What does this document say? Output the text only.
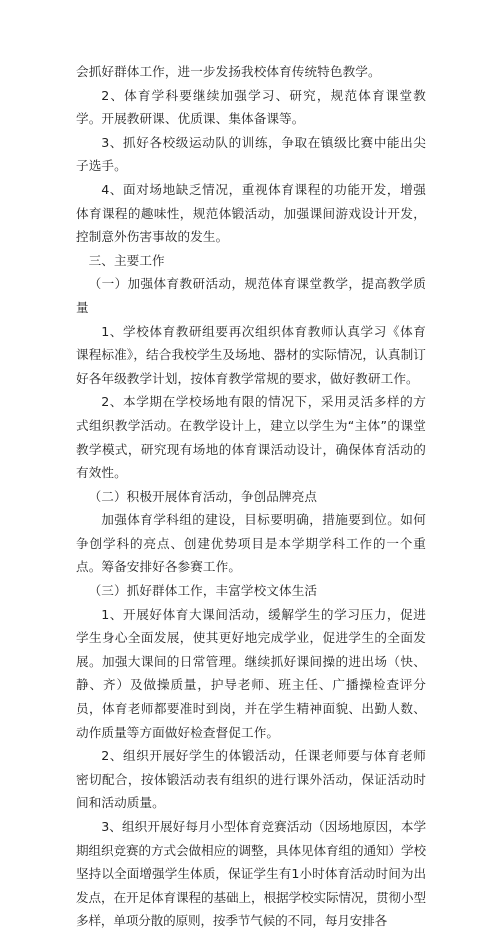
会抓好群体工作，进一步发扬我校体育传统特色教学。

2、体育学科要继续加强学习、研究，规范体育课堂教学。开展教研课、优质课、集体备课等。

3、抓好各校级运动队的训练，争取在镇级比赛中能出尖子选手。

4、面对场地缺乏情况，重视体育课程的功能开发，增强体育课程的趣味性，规范体锻活动，加强课间游戏设计开发，控制意外伤害事故的发生。

三、主要工作

（一）加强体育教研活动，规范体育课堂教学，提高教学质量

1、学校体育教研组要再次组织体育教师认真学习《体育课程标准》，结合我校学生及场地、器材的实际情况，认真制订好各年级教学计划，按体育教学常规的要求，做好教研工作。

2、本学期在学校场地有限的情况下，采用灵活多样的方式组织教学活动。在教学设计上，建立以学生为“主体”的课堂教学模式，研究现有场地的体育课活动设计，确保体育活动的有效性。

（二）积极开展体育活动，争创品牌亮点

加强体育学科组的建设，目标要明确，措施要到位。如何争创学科的亮点、创建优势项目是本学期学科工作的一个重点。筹备安排好各参赛工作。

（三）抓好群体工作，丰富学校文体生活

1、开展好体育大课间活动，缓解学生的学习压力，促进学生身心全面发展，使其更好地完成学业，促进学生的全面发展。加强大课间的日常管理。继续抓好课间操的进出场（快、静、齐）及做操质量，护导老师、班主任、广播操检查评分员，体育老师都要准时到岗，并在学生精神面貌、出勤人数、动作质量等方面做好检查督促工作。

2、组织开展好学生的体锻活动，任课老师要与体育老师密切配合，按体锻活动表有组织的进行课外活动，保证活动时间和活动质量。

3、组织开展好每月小型体育竞赛活动（因场地原因，本学期组织竞赛的方式会做相应的调整，具体见体育组的通知）学校坚持以全面增强学生体质，保证学生有1小时体育活动时间为出发点，在开足体育课程的基础上，根据学校实际情况，贯彻小型多样，单项分散的原则，按季节气候的不同，每月安排各
